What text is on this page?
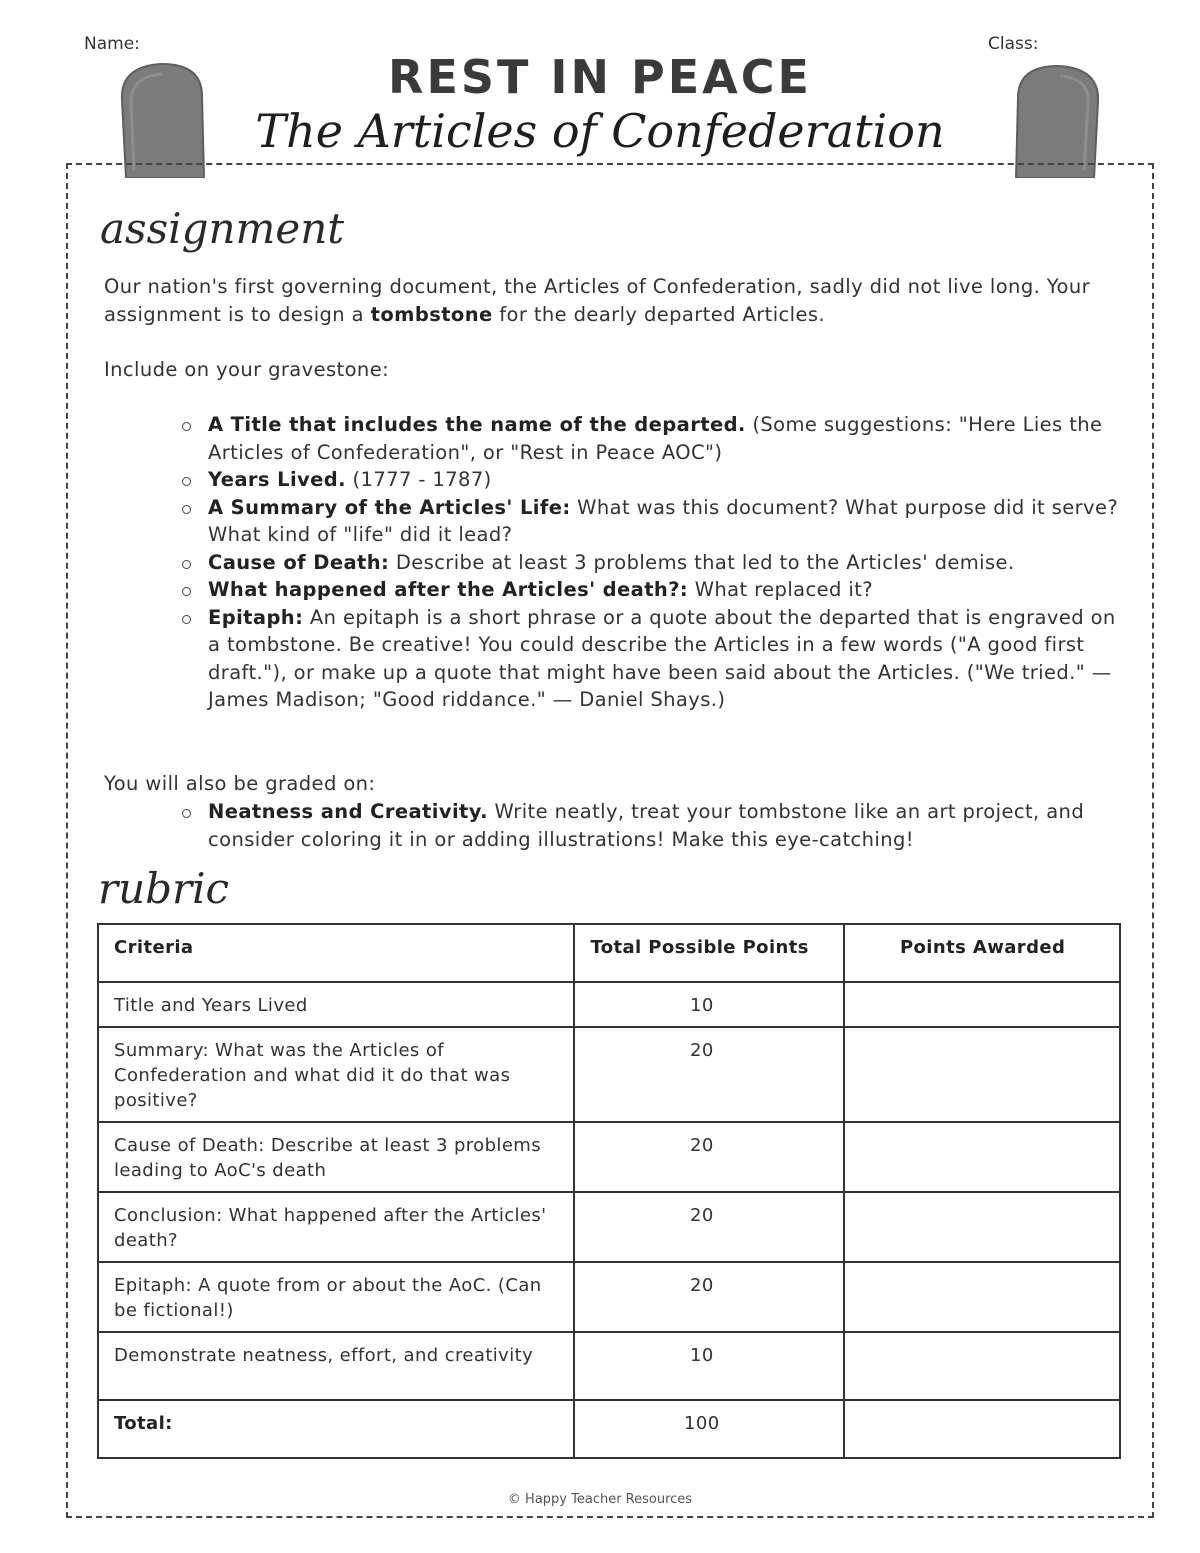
Name:	Class:
REST IN PEACE
The Articles of Confederation
assignment
Our nation's first governing document, the Articles of Confederation, sadly did not live long. Your assignment is to design a tombstone for the dearly departed Articles.
Include on your gravestone:
A Title that includes the name of the departed. (Some suggestions: "Here Lies the Articles of Confederation", or "Rest in Peace AOC")
Years Lived. (1777 - 1787)
A Summary of the Articles' Life: What was this document? What purpose did it serve? What kind of "life" did it lead?
Cause of Death: Describe at least 3 problems that led to the Articles' demise.
What happened after the Articles' death?: What replaced it?
Epitaph: An epitaph is a short phrase or a quote about the departed that is engraved on a tombstone. Be creative! You could describe the Articles in a few words ("A good first draft."), or make up a quote that might have been said about the Articles. ("We tried." — James Madison; "Good riddance." — Daniel Shays.)
You will also be graded on:
Neatness and Creativity. Write neatly, treat your tombstone like an art project, and consider coloring it in or adding illustrations! Make this eye-catching!
rubric
Criteria	Total Possible Points	Points Awarded
Title and Years Lived	10	
Summary: What was the Articles of Confederation and what did it do that was positive?	20	
Cause of Death: Describe at least 3 problems leading to AoC's death	20	
Conclusion: What happened after the Articles' death?	20	
Epitaph: A quote from or about the AoC. (Can be fictional!)	20	
Demonstrate neatness, effort, and creativity	10	
Total:	100	
© Happy Teacher Resources
